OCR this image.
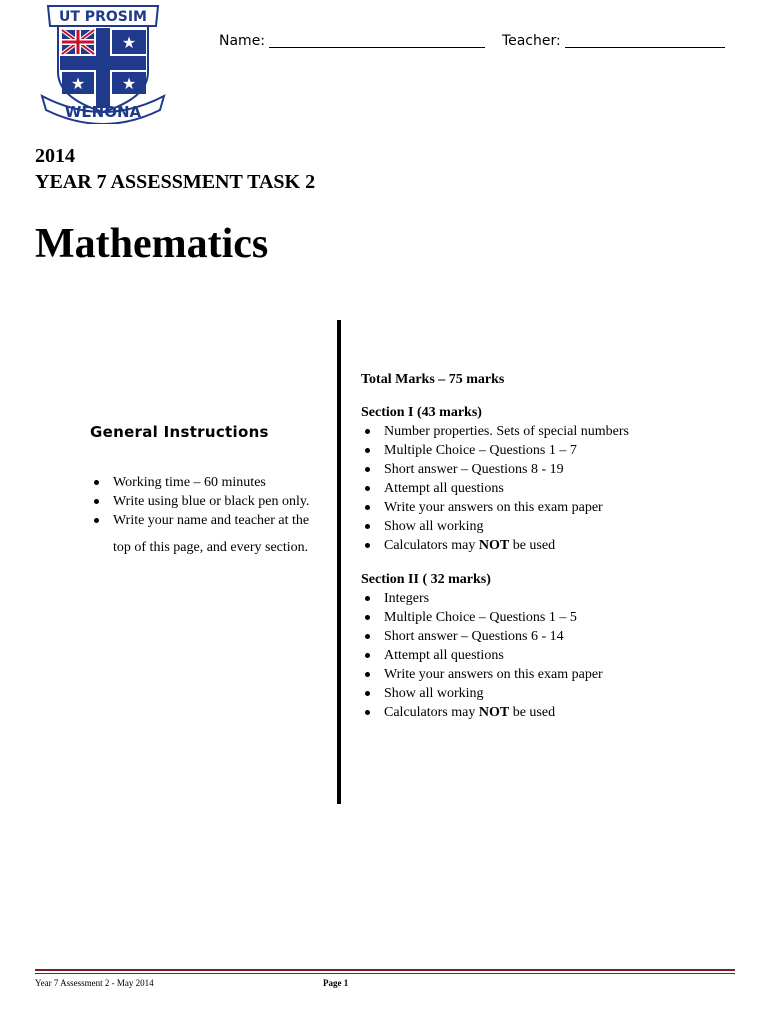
UT PROSIM
★
★ ★
WENONA
Name:	Teacher:
2014
YEAR 7 ASSESSMENT TASK 2
Mathematics
General Instructions
Working time – 60 minutes
Write using blue or black pen only.
Write your name and teacher at the
top of this page, and every section.
Total Marks – 75 marks
Section I (43 marks)
Number properties. Sets of special numbers
Multiple Choice – Questions 1 – 7
Short answer – Questions 8 - 19
Attempt all questions
Write your answers on this exam paper
Show all working
Calculators may NOT be used
Section II ( 32 marks)
Integers
Multiple Choice – Questions 1 – 5
Short answer – Questions 6 - 14
Attempt all questions
Write your answers on this exam paper
Show all working
Calculators may NOT be used
Year 7 Assessment 2 - May 2014	Page 1
